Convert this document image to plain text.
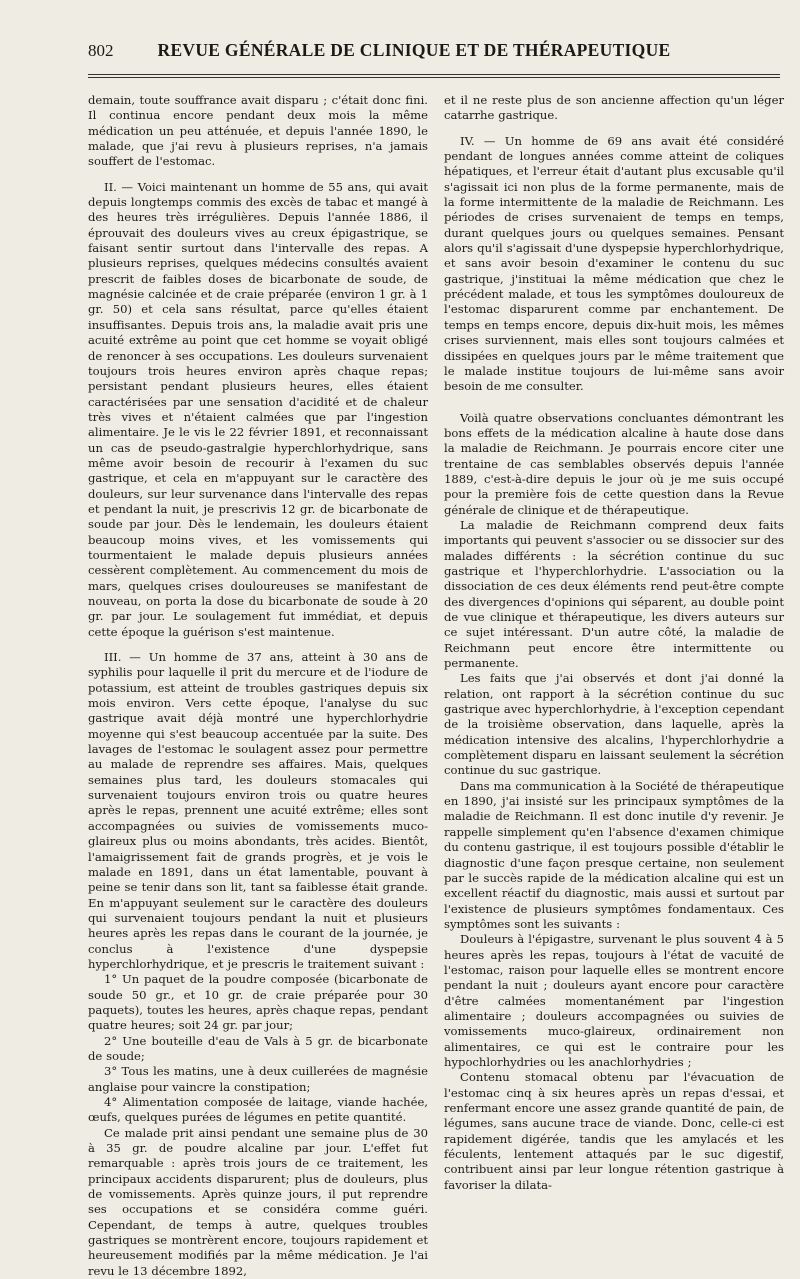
802	REVUE GÉNÉRALE DE CLINIQUE ET DE THÉRAPEUTIQUE

demain, toute souffrance avait disparu ; c'était donc fini. Il continua encore pendant deux mois la même médication un peu atténuée, et depuis l'année 1890, le malade, que j'ai revu à plusieurs reprises, n'a jamais souffert de l'estomac.

II. — Voici maintenant un homme de 55 ans, qui avait depuis longtemps commis des excès de tabac et mangé à des heures très irrégulières. Depuis l'année 1886, il éprouvait des douleurs vives au creux épigastrique, se faisant sentir surtout dans l'intervalle des repas. A plusieurs reprises, quelques médecins consultés avaient prescrit de faibles doses de bicarbonate de soude, de magnésie calcinée et de craie préparée (environ 1 gr. à 1 gr. 50) et cela sans résultat, parce qu'elles étaient insuffisantes. Depuis trois ans, la maladie avait pris une acuité extrême au point que cet homme se voyait obligé de renoncer à ses occupations. Les douleurs survenaient toujours trois heures environ après chaque repas; persistant pendant plusieurs heures, elles étaient caractérisées par une sensation d'acidité et de chaleur très vives et n'étaient calmées que par l'ingestion alimentaire. Je le vis le 22 février 1891, et reconnaissant un cas de pseudo-gastralgie hyperchlorhydrique, sans même avoir besoin de recourir à l'examen du suc gastrique, et cela en m'appuyant sur le caractère des douleurs, sur leur survenance dans l'intervalle des repas et pendant la nuit, je prescrivis 12 gr. de bicarbonate de soude par jour. Dès le lendemain, les douleurs étaient beaucoup moins vives, et les vomissements qui tourmentaient le malade depuis plusieurs années cessèrent complètement. Au commencement du mois de mars, quelques crises douloureuses se manifestant de nouveau, on porta la dose du bicarbonate de soude à 20 gr. par jour. Le soulagement fut immédiat, et depuis cette époque la guérison s'est maintenue.

III. — Un homme de 37 ans, atteint à 30 ans de syphilis pour laquelle il prit du mercure et de l'iodure de potassium, est atteint de troubles gastriques depuis six mois environ. Vers cette époque, l'analyse du suc gastrique avait déjà montré une hyperchlorhydrie moyenne qui s'est beaucoup accentuée par la suite. Des lavages de l'estomac le soulagent assez pour permettre au malade de reprendre ses affaires. Mais, quelques semaines plus tard, les douleurs stomacales qui survenaient toujours environ trois ou quatre heures après le repas, prennent une acuité extrême; elles sont accompagnées ou suivies de vomissements muco-glaireux plus ou moins abondants, très acides. Bientôt, l'amaigrissement fait de grands progrès, et je vois le malade en 1891, dans un état lamentable, pouvant à peine se tenir dans son lit, tant sa faiblesse était grande. En m'appuyant seulement sur le caractère des douleurs qui survenaient toujours pendant la nuit et plusieurs heures après les repas dans le courant de la journée, je conclus à l'existence d'une dyspepsie hyperchlorhydrique, et je prescris le traitement suivant :

1° Un paquet de la poudre composée (bicarbonate de soude 50 gr., et 10 gr. de craie préparée pour 30 paquets), toutes les heures, après chaque repas, pendant quatre heures; soit 24 gr. par jour;

2° Une bouteille d'eau de Vals à 5 gr. de bicarbonate de soude;

3° Tous les matins, une à deux cuillerées de magnésie anglaise pour vaincre la constipation;

4° Alimentation composée de laitage, viande hachée, œufs, quelques purées de légumes en petite quantité.

Ce malade prit ainsi pendant une semaine plus de 30 à 35 gr. de poudre alcaline par jour. L'effet fut remarquable : après trois jours de ce traitement, les principaux accidents disparurent; plus de douleurs, plus de vomissements. Après quinze jours, il put reprendre ses occupations et se considéra comme guéri. Cependant, de temps à autre, quelques troubles gastriques se montrèrent encore, toujours rapidement et heureusement modifiés par la même médication. Je l'ai revu le 13 décembre 1892,

et il ne reste plus de son ancienne affection qu'un léger catarrhe gastrique.

IV. — Un homme de 69 ans avait été considéré pendant de longues années comme atteint de coliques hépatiques, et l'erreur était d'autant plus excusable qu'il s'agissait ici non plus de la forme permanente, mais de la forme intermittente de la maladie de Reichmann. Les périodes de crises survenaient de temps en temps, durant quelques jours ou quelques semaines. Pensant alors qu'il s'agissait d'une dyspepsie hyperchlorhydrique, et sans avoir besoin d'examiner le contenu du suc gastrique, j'instituai la même médication que chez le précédent malade, et tous les symptômes douloureux de l'estomac disparurent comme par enchantement. De temps en temps encore, depuis dix-huit mois, les mêmes crises surviennent, mais elles sont toujours calmées et dissipées en quelques jours par le même traitement que le malade institue toujours de lui-même sans avoir besoin de me consulter.

Voilà quatre observations concluantes démontrant les bons effets de la médication alcaline à haute dose dans la maladie de Reichmann. Je pourrais encore citer une trentaine de cas semblables observés depuis l'année 1889, c'est-à-dire depuis le jour où je me suis occupé pour la première fois de cette question dans la Revue générale de clinique et de thérapeutique.

La maladie de Reichmann comprend deux faits importants qui peuvent s'associer ou se dissocier sur des malades différents : la sécrétion continue du suc gastrique et l'hyperchlorhydrie. L'association ou la dissociation de ces deux éléments rend peut-être compte des divergences d'opinions qui séparent, au double point de vue clinique et thérapeutique, les divers auteurs sur ce sujet intéressant. D'un autre côté, la maladie de Reichmann peut encore être intermittente ou permanente.

Les faits que j'ai observés et dont j'ai donné la relation, ont rapport à la sécrétion continue du suc gastrique avec hyperchlorhydrie, à l'exception cependant de la troisième observation, dans laquelle, après la médication intensive des alcalins, l'hyperchlorhydrie a complètement disparu en laissant seulement la sécrétion continue du suc gastrique.

Dans ma communication à la Société de thérapeutique en 1890, j'ai insisté sur les principaux symptômes de la maladie de Reichmann. Il est donc inutile d'y revenir. Je rappelle simplement qu'en l'absence d'examen chimique du contenu gastrique, il est toujours possible d'établir le diagnostic d'une façon presque certaine, non seulement par le succès rapide de la médication alcaline qui est un excellent réactif du diagnostic, mais aussi et surtout par l'existence de plusieurs symptômes fondamentaux. Ces symptômes sont les suivants :

Douleurs à l'épigastre, survenant le plus souvent 4 à 5 heures après les repas, toujours à l'état de vacuité de l'estomac, raison pour laquelle elles se montrent encore pendant la nuit ; douleurs ayant encore pour caractère d'être calmées momentanément par l'ingestion alimentaire ; douleurs accompagnées ou suivies de vomissements muco-glaireux, ordinairement non alimentaires, ce qui est le contraire pour les hypochlorhydries ou les anachlorhydries ;

Contenu stomacal obtenu par l'évacuation de l'estomac cinq à six heures après un repas d'essai, et renfermant encore une assez grande quantité de pain, de légumes, sans aucune trace de viande. Donc, celle-ci est rapidement digérée, tandis que les amylacés et les féculents, lentement attaqués par le suc digestif, contribuent ainsi par leur longue rétention gastrique à favoriser la dilata-
